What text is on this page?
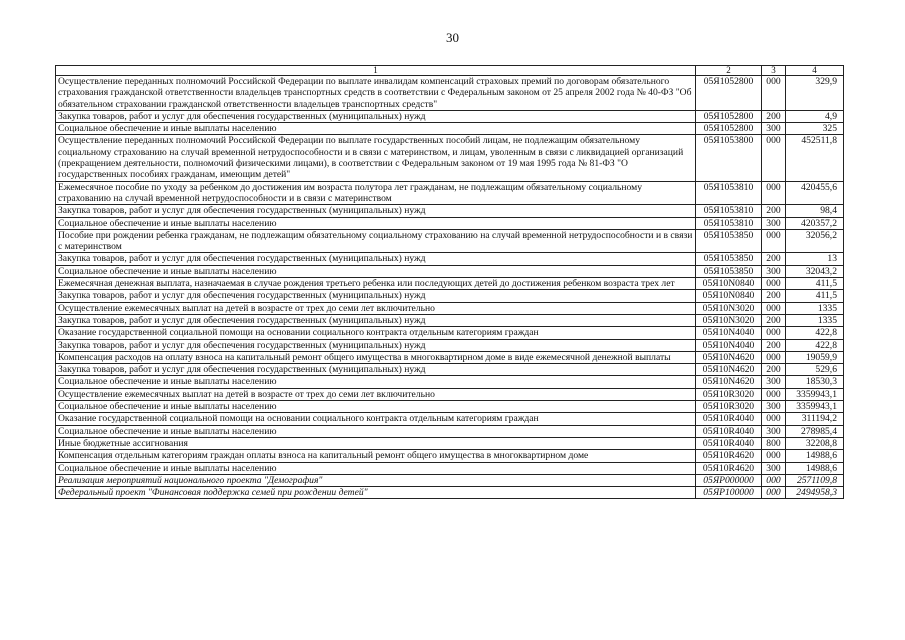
30
1	2	3	4
Осуществление переданных полномочий Российской Федерации по выплате инвалидам компенсаций страховых премий по договорам обязательного страхования гражданской ответственности владельцев транспортных средств в соответствии с Федеральным законом от 25 апреля 2002 года № 40-ФЗ "Об обязательном страховании гражданской ответственности владельцев транспортных средств"	05Я1052800	000	329,9
Закупка товаров, работ и услуг для обеспечения государственных (муниципальных) нужд	05Я1052800	200	4,9
Социальное обеспечение и иные выплаты населению	05Я1052800	300	325
Осуществление переданных полномочий Российской Федерации по выплате государственных пособий лицам, не подлежащим обязательному социальному страхованию на случай временной нетрудоспособности и в связи с материнством, и лицам, уволенным в связи с ликвидацией организаций (прекращением деятельности, полномочий физическими лицами), в соответствии с Федеральным законом от 19 мая 1995 года № 81-ФЗ "О государственных пособиях гражданам, имеющим детей"	05Я1053800	000	452511,8
Ежемесячное пособие по уходу за ребенком до достижения им возраста полутора лет гражданам, не подлежащим обязательному социальному страхованию на случай временной нетрудоспособности и в связи с материнством	05Я1053810	000	420455,6
Закупка товаров, работ и услуг для обеспечения государственных (муниципальных) нужд	05Я1053810	200	98,4
Социальное обеспечение и иные выплаты населению	05Я1053810	300	420357,2
Пособие при рождении ребенка гражданам, не подлежащим обязательному социальному страхованию на случай временной нетрудоспособности и в связи с материнством	05Я1053850	000	32056,2
Закупка товаров, работ и услуг для обеспечения государственных (муниципальных) нужд	05Я1053850	200	13
Социальное обеспечение и иные выплаты населению	05Я1053850	300	32043,2
Ежемесячная денежная выплата, назначаемая в случае рождения третьего ребенка или последующих детей до достижения ребенком возраста трех лет	05Я10N0840	000	411,5
Закупка товаров, работ и услуг для обеспечения государственных (муниципальных) нужд	05Я10N0840	200	411,5
Осуществление ежемесячных выплат на детей в возрасте от трех до семи лет включительно	05Я10N3020	000	1335
Закупка товаров, работ и услуг для обеспечения государственных (муниципальных) нужд	05Я10N3020	200	1335
Оказание государственной социальной помощи на основании социального контракта отдельным категориям граждан	05Я10N4040	000	422,8
Закупка товаров, работ и услуг для обеспечения государственных (муниципальных) нужд	05Я10N4040	200	422,8
Компенсация расходов на оплату взноса на капитальный ремонт общего имущества в многоквартирном доме в виде ежемесячной денежной выплаты	05Я10N4620	000	19059,9
Закупка товаров, работ и услуг для обеспечения государственных (муниципальных) нужд	05Я10N4620	200	529,6
Социальное обеспечение и иные выплаты населению	05Я10N4620	300	18530,3
Осуществление ежемесячных выплат на детей в возрасте от трех до семи лет включительно	05Я10R3020	000	3359943,1
Социальное обеспечение и иные выплаты населению	05Я10R3020	300	3359943,1
Оказание государственной социальной помощи на основании социального контракта отдельным категориям граждан	05Я10R4040	000	311194,2
Социальное обеспечение и иные выплаты населению	05Я10R4040	300	278985,4
Иные бюджетные ассигнования	05Я10R4040	800	32208,8
Компенсация отдельным категориям граждан оплаты взноса на капитальный ремонт общего имущества в многоквартирном доме	05Я10R4620	000	14988,6
Социальное обеспечение и иные выплаты населению	05Я10R4620	300	14988,6
Реализация мероприятий национального проекта "Демография"	05ЯP000000	000	2571109,8
Федеральный проект "Финансовая поддержка семей при рождении детей"	05ЯP100000	000	2494958,3
